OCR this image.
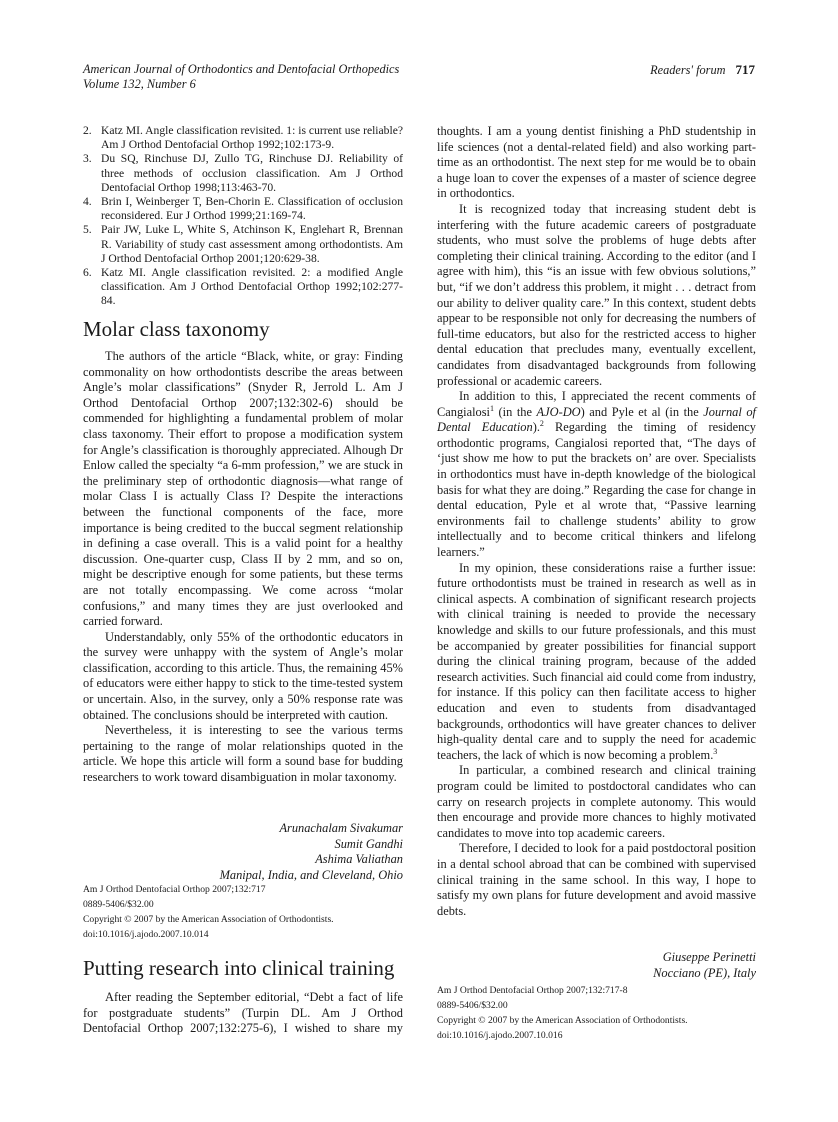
American Journal of Orthodontics and Dentofacial Orthopedics
Volume 132, Number 6
Readers' forum 717
2. Katz MI. Angle classification revisited. 1: is current use reliable? Am J Orthod Dentofacial Orthop 1992;102:173-9.
3. Du SQ, Rinchuse DJ, Zullo TG, Rinchuse DJ. Reliability of three methods of occlusion classification. Am J Orthod Dentofacial Orthop 1998;113:463-70.
4. Brin I, Weinberger T, Ben-Chorin E. Classification of occlusion reconsidered. Eur J Orthod 1999;21:169-74.
5. Pair JW, Luke L, White S, Atchinson K, Englehart R, Brennan R. Variability of study cast assessment among orthodontists. Am J Orthod Dentofacial Orthop 2001;120:629-38.
6. Katz MI. Angle classification revisited. 2: a modified Angle classification. Am J Orthod Dentofacial Orthop 1992;102:277-84.
Molar class taxonomy

The authors of the article “Black, white, or gray: Finding commonality on how orthodontists describe the areas between Angle’s molar classifications” (Snyder R, Jerrold L. Am J Orthod Dentofacial Orthop 2007;132:302-6) should be commended for highlighting a fundamental problem of molar class taxonomy. Their effort to propose a modification system for Angle’s classification is thoroughly appreciated. Alhough Dr Enlow called the specialty “a 6-mm profession,” we are stuck in the preliminary step of orthodontic diagnosis—what range of molar Class I is actually Class I? Despite the interactions between the functional components of the face, more importance is being credited to the buccal segment relationship in defining a case overall. This is a valid point for a healthy discussion. One-quarter cusp, Class II by 2 mm, and so on, might be descriptive enough for some patients, but these terms are not totally encompassing. We come across “molar confusions,” and many times they are just overlooked and carried forward.

Understandably, only 55% of the orthodontic educators in the survey were unhappy with the system of Angle’s molar classification, according to this article. Thus, the remaining 45% of educators were either happy to stick to the time-tested system or uncertain. Also, in the survey, only a 50% response rate was obtained. The conclusions should be interpreted with caution.

Nevertheless, it is interesting to see the various terms pertaining to the range of molar relationships quoted in the article. We hope this article will form a sound base for budding researchers to work toward disambiguation in molar taxonomy.

Arunachalam Sivakumar
Sumit Gandhi
Ashima Valiathan
Manipal, India, and Cleveland, Ohio
Am J Orthod Dentofacial Orthop 2007;132:717
0889-5406/$32.00
Copyright © 2007 by the American Association of Orthodontists.
doi:10.1016/j.ajodo.2007.10.014
Putting research into clinical training

After reading the September editorial, “Debt a fact of life for postgraduate students” (Turpin DL. Am J Orthod Dentofacial Orthop 2007;132:275-6), I wished to share my

thoughts. I am a young dentist finishing a PhD studentship in life sciences (not a dental-related field) and also working part-time as an orthodontist. The next step for me would be to obain a huge loan to cover the expenses of a master of science degree in orthodontics.

It is recognized today that increasing student debt is interfering with the future academic careers of postgraduate students, who must solve the problems of huge debts after completing their clinical training. According to the editor (and I agree with him), this “is an issue with few obvious solutions,” but, “if we don’t address this problem, it might . . . detract from our ability to deliver quality care.” In this context, student debts appear to be responsible not only for decreasing the numbers of full-time educators, but also for the restricted access to higher dental education that precludes many, eventually excellent, candidates from disadvantaged backgrounds from following professional or academic careers.

In addition to this, I appreciated the recent comments of Cangialosi$^1$ (in the AJO-DO) and Pyle et al (in the Journal of Dental Education).$^2$ Regarding the timing of residency orthodontic programs, Cangialosi reported that, “The days of ‘just show me how to put the brackets on’ are over. Specialists in orthodontics must have in-depth knowledge of the biological basis for what they are doing.” Regarding the case for change in dental education, Pyle et al wrote that, “Passive learning environments fail to challenge students’ ability to grow intellectually and to become critical thinkers and lifelong learners.”

In my opinion, these considerations raise a further issue: future orthodontists must be trained in research as well as in clinical aspects. A combination of significant research projects with clinical training is needed to provide the necessary knowledge and skills to our future professionals, and this must be accompanied by greater possibilities for financial support during the clinical training program, because of the added research activities. Such financial aid could come from industry, for instance. If this policy can then facilitate access to higher education and even to students from disadvantaged backgrounds, orthodontics will have greater chances to deliver high-quality dental care and to supply the need for academic teachers, the lack of which is now becoming a problem.$^3$

In particular, a combined research and clinical training program could be limited to postdoctoral candidates who can carry on research projects in complete autonomy. This would then encourage and provide more chances to highly motivated candidates to move into top academic careers.

Therefore, I decided to look for a paid postdoctoral position in a dental school abroad that can be combined with supervised clinical training in the same school. In this way, I hope to satisfy my own plans for future development and avoid massive debts.

Giuseppe Perinetti
Nocciano (PE), Italy
Am J Orthod Dentofacial Orthop 2007;132:717-8
0889-5406/$32.00
Copyright © 2007 by the American Association of Orthodontists.
doi:10.1016/j.ajodo.2007.10.016
